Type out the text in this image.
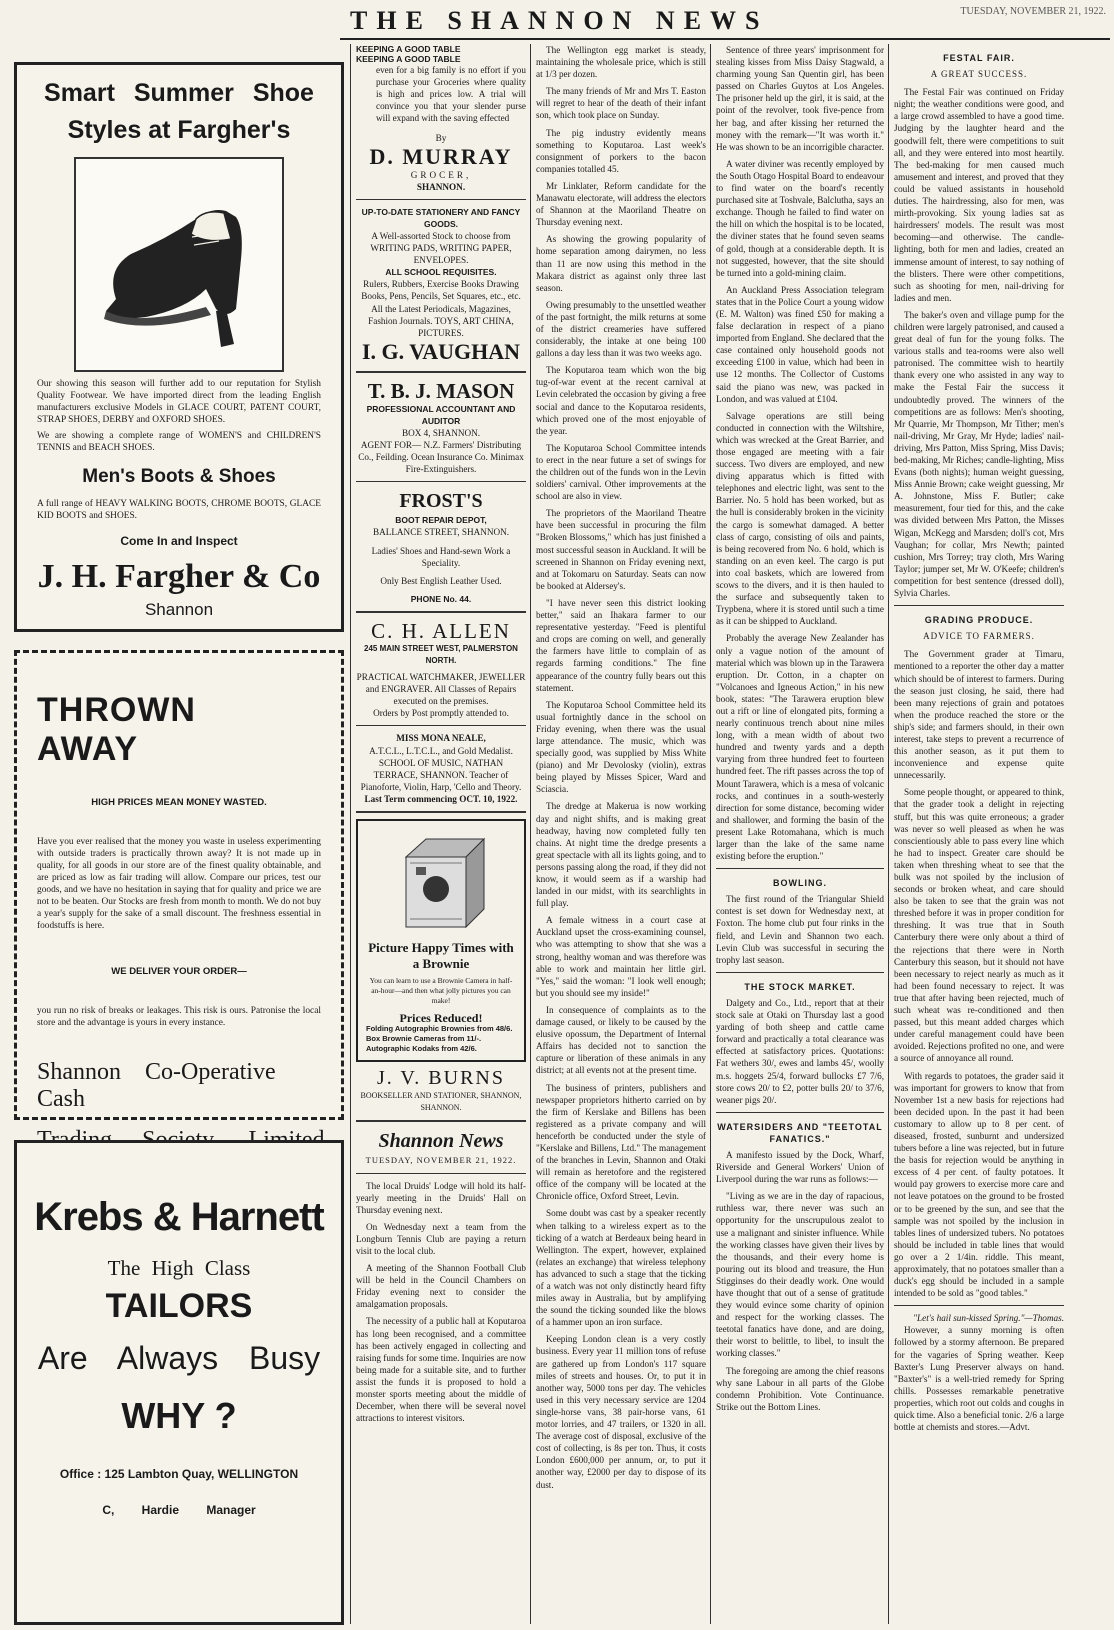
THE SHANNON NEWS	TUESDAY, NOVEMBER 21, 1922.
Smart Summer Shoe
Styles at Fargher's
Our showing this season will further add to our reputation for Stylish Quality Footwear. We have imported direct from the leading English manufacturers exclusive Models in GLACE COURT, PATENT COURT, STRAP SHOES, DERBY and OXFORD SHOES.
We are showing a complete range of WOMEN'S and CHILDREN'S TENNIS and BEACH SHOES.
Men's Boots & Shoes
A full range of HEAVY WALKING BOOTS, CHROME BOOTS, GLACE KID BOOTS and SHOES.
Come In and Inspect
J. H. Fargher & Co
Shannon
THROWN AWAY
HIGH PRICES MEAN MONEY WASTED.
Have you ever realised that the money you waste in useless experimenting with outside traders is practically thrown away? It is not made up in quality, for all goods in our store are of the finest quality obtainable, and are priced as low as fair trading will allow. Compare our prices, test our goods, and we have no hesitation in saying that for quality and price we are not to be beaten. Our Stocks are fresh from month to month. We do not buy a year's supply for the sake of a small discount. The freshness essential in foodstuffs is here.
WE DELIVER YOUR ORDER—
you run no risk of breaks or leakages. This risk is ours. Patronise the local store and the advantage is yours in every instance.
Shannon Co-Operative Cash
Krebs & Harnett
The High Class
TAILORS
Are Always Busy
WHY ?
Office : 125 Lambton Quay, WELLINGTON
C, Hardie Manager
KEEPING A GOOD TABLE
KEEPING A GOOD TABLE
even for a big family is no effort if you purchase your Groceries where quality is high and prices low. A trial will convince you that your slender purse will expand with the saving effected
By
D. MURRAY
GROCER,
SHANNON.
UP-TO-DATE STATIONERY AND FANCY GOODS.
A Well-assorted Stock to choose from WRITING PADS, WRITING PAPER, ENVELOPES.
ALL SCHOOL REQUISITES.
Rulers, Rubbers, Exercise Books Drawing Books, Pens, Pencils, Set Squares, etc., etc. All the Latest Periodicals, Magazines, Fashion Journals. TOYS, ART CHINA, PICTURES.
I. G. VAUGHAN
T. B. J. MASON
PROFESSIONAL ACCOUNTANT AND AUDITOR
BOX 4, SHANNON.
AGENT FOR— N.Z. Farmers' Distributing Co., Feilding. Ocean Insurance Co. Minimax Fire-Extinguishers.
FROST'S
BOOT REPAIR DEPOT,
BALLANCE STREET, SHANNON.
Ladies' Shoes and Hand-sewn Work a Speciality.
Only Best English Leather Used.
PHONE No. 44.
C. H. ALLEN
245 MAIN STREET WEST, PALMERSTON NORTH.
PRACTICAL WATCHMAKER, JEWELLER and ENGRAVER. All Classes of Repairs executed on the premises.
Orders by Post promptly attended to.
MISS MONA NEALE,
A.T.C.L., L.T.C.L., and Gold Medalist. SCHOOL OF MUSIC, NATHAN TERRACE, SHANNON. Teacher of Pianoforte, Violin, Harp, 'Cello and Theory.
Last Term commencing OCT. 10, 1922.
Picture Happy Times with a Brownie
You can learn to use a Brownie Camera in half-an-hour—and then what jolly pictures you can make!
Prices Reduced!
Folding Autographic Brownies from 48/6.
Box Brownie Cameras from 11/-.
Autographic Kodaks from 42/6.
J. V. BURNS
BOOKSELLER AND STATIONER, SHANNON, SHANNON.
Shannon News
TUESDAY, NOVEMBER 21, 1922.

The local Druids' Lodge will hold its half-yearly meeting in the Druids' Hall on Thursday evening next.

On Wednesday next a team from the Longburn Tennis Club are paying a return visit to the local club.

A meeting of the Shannon Football Club will be held in the Council Chambers on Friday evening next to consider the amalgamation proposals.

The necessity of a public hall at Koputaroa has long been recognised, and a committee has been actively engaged in collecting and raising funds for some time. Inquiries are now being made for a suitable site, and to further assist the funds it is proposed to hold a monster sports meeting about the middle of December, when there will be several novel attractions to interest visitors.

The Wellington egg market is steady, maintaining the wholesale price, which is still at 1/3 per dozen.

The many friends of Mr and Mrs T. Easton will regret to hear of the death of their infant son, which took place on Sunday.

The pig industry evidently means something to Koputaroa. Last week's consignment of porkers to the bacon companies totalled 45.

Mr Linklater, Reform candidate for the Manawatu electorate, will address the electors of Shannon at the Maoriland Theatre on Thursday evening next.

As showing the growing popularity of home separation among dairymen, no less than 11 are now using this method in the Makara district as against only three last season.

Owing presumably to the unsettled weather of the past fortnight, the milk returns at some of the district creameries have suffered considerably, the intake at one being 100 gallons a day less than it was two weeks ago.

The Koputaroa team which won the big tug-of-war event at the recent carnival at Levin celebrated the occasion by giving a free social and dance to the Koputaroa residents, which proved one of the most enjoyable of the year.

The Koputaroa School Committee intends to erect in the near future a set of swings for the children out of the funds won in the Levin soldiers' carnival. Other improvements at the school are also in view.

The proprietors of the Maoriland Theatre have been successful in procuring the film "Broken Blossoms," which has just finished a most successful season in Auckland. It will be screened in Shannon on Friday evening next, and at Tokomaru on Saturday. Seats can now be booked at Aldersey's.

"I have never seen this district looking better," said an Ihakara farmer to our representative yesterday. "Feed is plentiful and crops are coming on well, and generally the farmers have little to complain of as regards farming conditions." The fine appearance of the country fully bears out this statement.

The Koputaroa School Committee held its usual fortnightly dance in the school on Friday evening, when there was the usual large attendance. The music, which was specially good, was supplied by Miss White (piano) and Mr Devolosky (violin), extras being played by Misses Spicer, Ward and Sciascia.

The dredge at Makerua is now working day and night shifts, and is making great headway, having now completed fully ten chains. At night time the dredge presents a great spectacle with all its lights going, and to persons passing along the road, if they did not know, it would seem as if a warship had landed in our midst, with its searchlights in full play.

A female witness in a court case at Auckland upset the cross-examining counsel, who was attempting to show that she was a strong, healthy woman and was therefore was able to work and maintain her little girl. "Yes," said the woman: "I look well enough; but you should see my inside!"

In consequence of complaints as to the damage caused, or likely to be caused by the elusive opossum, the Department of Internal Affairs has decided not to sanction the capture or liberation of these animals in any district; at all events not at the present time.

The business of printers, publishers and newspaper proprietors hitherto carried on by the firm of Kerslake and Billens has been registered as a private company and will henceforth be conducted under the style of "Kerslake and Billens, Ltd." The management of the branches in Levin, Shannon and Otaki will remain as heretofore and the registered office of the company will be located at the Chronicle office, Oxford Street, Levin.

Some doubt was cast by a speaker recently when talking to a wireless expert as to the ticking of a watch at Berdeaux being heard in Wellington. The expert, however, explained (relates an exchange) that wireless telephony has advanced to such a stage that the ticking of a watch was not only distinctly heard fifty miles away in Australia, but by amplifying the sound the ticking sounded like the blows of a hammer upon an iron surface.

Keeping London clean is a very costly business. Every year 11 million tons of refuse are gathered up from London's 117 square miles of streets and houses. Or, to put it in another way, 5000 tons per day. The vehicles used in this very necessary service are 1204 single-horse vans, 38 pair-horse vans, 61 motor lorries, and 47 trailers, or 1320 in all. The average cost of disposal, exclusive of the cost of collecting, is 8s per ton. Thus, it costs London £600,000 per annum, or, to put it another way, £2000 per day to dispose of its dust.

Sentence of three years' imprisonment for stealing kisses from Miss Daisy Stagwald, a charming young San Quentin girl, has been passed on Charles Guytos at Los Angeles. The prisoner held up the girl, it is said, at the point of the revolver, took five-pence from her bag, and after kissing her returned the money with the remark—"It was worth it." He was shown to be an incorrigible character.

A water diviner was recently employed by the South Otago Hospital Board to endeavour to find water on the board's recently purchased site at Toshvale, Balclutha, says an exchange. Though he failed to find water on the hill on which the hospital is to be located, the diviner states that he found seven seams of gold, though at a considerable depth. It is not suggested, however, that the site should be turned into a gold-mining claim.

An Auckland Press Association telegram states that in the Police Court a young widow (E. M. Walton) was fined £50 for making a false declaration in respect of a piano imported from England. She declared that the case contained only household goods not exceeding £100 in value, which had been in use 12 months. The Collector of Customs said the piano was new, was packed in London, and was valued at £104.

Salvage operations are still being conducted in connection with the Wiltshire, which was wrecked at the Great Barrier, and those engaged are meeting with a fair success. Two divers are employed, and new diving apparatus which is fitted with telephones and electric light, was sent to the Barrier. No. 5 hold has been worked, but as the hull is considerably broken in the vicinity the cargo is somewhat damaged. A better class of cargo, consisting of oils and paints, is being recovered from No. 6 hold, which is standing on an even keel. The cargo is put into coal baskets, which are lowered from scows to the divers, and it is then hauled to the surface and subsequently taken to Trypbena, where it is stored until such a time as it can be shipped to Auckland.

Probably the average New Zealander has only a vague notion of the amount of material which was blown up in the Tarawera eruption. Dr. Cotton, in a chapter on "Volcanoes and Igneous Action," in his new book, states: "The Tarawera eruption blew out a rift or line of elongated pits, forming a nearly continuous trench about nine miles long, with a mean width of about two hundred and twenty yards and a depth varying from three hundred feet to fourteen hundred feet. The rift passes across the top of Mount Tarawera, which is a mesa of volcanic rocks, and continues in a south-westerly direction for some distance, becoming wider and shallower, and forming the basin of the present Lake Rotomahana, which is much larger than the lake of the same name existing before the eruption."

BOWLING.

The first round of the Triangular Shield contest is set down for Wednesday next, at Foxton. The home club put four rinks in the field, and Levin and Shannon two each. Levin Club was successful in securing the trophy last season.

THE STOCK MARKET.

Dalgety and Co., Ltd., report that at their stock sale at Otaki on Thursday last a good yarding of both sheep and cattle came forward and practically a total clearance was effected at satisfactory prices. Quotations: Fat wethers 30/, ewes and lambs 45/, woolly m.s. hoggets 25/4, forward bullocks £7 7/6, store cows 20/ to £2, potter bulls 20/ to 37/6, weaner pigs 20/.

WATERSIDERS AND "TEETOTAL FANATICS."

A manifesto issued by the Dock, Wharf, Riverside and General Workers' Union of Liverpool during the war runs as follows:—

"Living as we are in the day of rapacious, ruthless war, there never was such an opportunity for the unscrupulous zealot to use a malignant and sinister influence. While the working classes have given their lives by the thousands, and their every home is pouring out its blood and treasure, the Hun Stigginses do their deadly work. One would have thought that out of a sense of gratitude they would evince some charity of opinion and respect for the working classes. The teetotal fanatics have done, and are doing, their worst to belittle, to libel, to insult the working classes."

The foregoing are among the chief reasons why sane Labour in all parts of the Globe condemn Prohibition. Vote Continuance. Strike out the Bottom Lines.

FESTAL FAIR.
A GREAT SUCCESS.

The Festal Fair was continued on Friday night; the weather conditions were good, and a large crowd assembled to have a good time. Judging by the laughter heard and the goodwill felt, there were competitions to suit all, and they were entered into most heartily. The bed-making for men caused much amusement and interest, and proved that they could be valued assistants in household duties. The hairdressing, also for men, was mirth-provoking. Six young ladies sat as hairdressers' models. The result was most becoming—and otherwise. The candle-lighting, both for men and ladies, created an immense amount of interest, to say nothing of the blisters. There were other competitions, such as shooting for men, nail-driving for ladies and men.

The baker's oven and village pump for the children were largely patronised, and caused a great deal of fun for the young folks. The various stalls and tea-rooms were also well patronised. The committee wish to heartily thank every one who assisted in any way to make the Festal Fair the success it undoubtedly proved. The winners of the competitions are as follows: Men's shooting, Mr Quarrie, Mr Thompson, Mr Tither; men's nail-driving, Mr Gray, Mr Hyde; ladies' nail-driving, Mrs Patton, Miss Spring, Miss Davis; bed-making, Mr Riches; candle-lighting, Miss Evans (both nights); human weight guessing, Miss Annie Brown; cake weight guessing, Mr A. Johnstone, Miss F. Butler; cake measurement, four tied for this, and the cake was divided between Mrs Patton, the Misses Wigan, McKegg and Marsden; doll's cot, Mrs Vaughan; for collar, Mrs Newth; painted cushion, Mrs Torrey; tray cloth, Mrs Waring Taylor; jumper set, Mr W. O'Keefe; children's competition for best sentence (dressed doll), Sylvia Charles.

GRADING PRODUCE.
ADVICE TO FARMERS.

The Government grader at Timaru, mentioned to a reporter the other day a matter which should be of interest to farmers. During the season just closing, he said, there had been many rejections of grain and potatoes when the produce reached the store or the ship's side; and farmers should, in their own interest, take steps to prevent a recurrence of this another season, as it put them to inconvenience and expense quite unnecessarily.

Some people thought, or appeared to think, that the grader took a delight in rejecting stuff, but this was quite erroneous; a grader was never so well pleased as when he was conscientiously able to pass every line which he had to inspect. Greater care should be taken when threshing wheat to see that the bulk was not spoiled by the inclusion of seconds or broken wheat, and care should also be taken to see that the grain was not threshed before it was in proper condition for threshing. It was true that in South Canterbury there were only about a third of the rejections that there were in North Canterbury this season, but it should not have been necessary to reject nearly as much as it had been found necessary to reject. It was true that after having been rejected, much of such wheat was re-conditioned and then passed, but this meant added charges which under careful management could have been avoided. Rejections profited no one, and were a source of annoyance all round.

With regards to potatoes, the grader said it was important for growers to know that from November 1st a new basis for rejections had been decided upon. In the past it had been customary to allow up to 8 per cent. of diseased, frosted, sunburnt and undersized tubers before a line was rejected, but in future the basis for rejection would be anything in excess of 4 per cent. of faulty potatoes. It would pay growers to exercise more care and not leave potatoes on the ground to be frosted or to be greened by the sun, and see that the sample was not spoiled by the inclusion in tables lines of undersized tubers. No potatoes should be included in table lines that would go over a 2 1/4in. riddle. This meant, approximately, that no potatoes smaller than a duck's egg should be included in a sample intended to be sold as "good tables."

"Let's hail sun-kissed Spring."—Thomas.

However, a sunny morning is often followed by a stormy afternoon. Be prepared for the vagaries of Spring weather. Keep Baxter's Lung Preserver always on hand. "Baxter's" is a well-tried remedy for Spring chills. Possesses remarkable penetrative properties, which root out colds and coughs in quick time. Also a beneficial tonic. 2/6 a large bottle at chemists and stores.—Advt.
